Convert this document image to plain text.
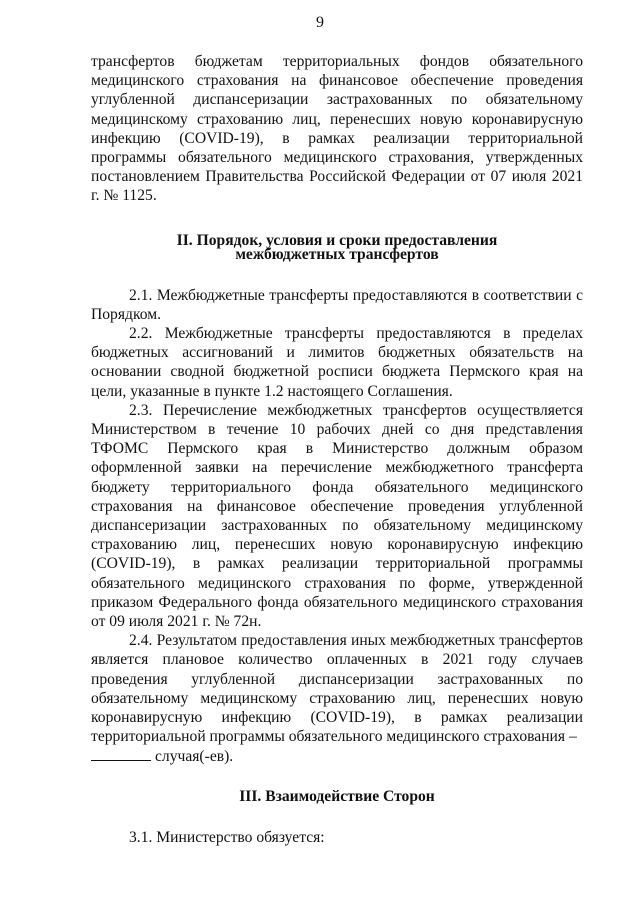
9

трансфертов бюджетам территориальных фондов обязательного медицинского страхования на финансовое обеспечение проведения углубленной диспансеризации застрахованных по обязательному медицинскому страхованию лиц, перенесших новую коронавирусную инфекцию (COVID-19), в рамках реализации территориальной программы обязательного медицинского страхования, утвержденных постановлением Правительства Российской Федерации от 07 июля 2021 г. № 1125.

II. Порядок, условия и сроки предоставления
межбюджетных трансфертов

2.1. Межбюджетные трансферты предоставляются в соответствии с Порядком.

2.2. Межбюджетные трансферты предоставляются в пределах бюджетных ассигнований и лимитов бюджетных обязательств на основании сводной бюджетной росписи бюджета Пермского края на цели, указанные в пункте 1.2 настоящего Соглашения.

2.3. Перечисление межбюджетных трансфертов осуществляется Министерством в течение 10 рабочих дней со дня представления ТФОМС Пермского края в Министерство должным образом оформленной заявки на перечисление межбюджетного трансферта бюджету территориального фонда обязательного медицинского страхования на финансовое обеспечение проведения углубленной диспансеризации застрахованных по обязательному медицинскому страхованию лиц, перенесших новую коронавирусную инфекцию (COVID-19), в рамках реализации территориальной программы обязательного медицинского страхования по форме, утвержденной приказом Федерального фонда обязательного медицинского страхования от 09 июля 2021 г. № 72н.

2.4. Результатом предоставления иных межбюджетных трансфертов является плановое количество оплаченных в 2021 году случаев проведения углубленной диспансеризации застрахованных по обязательному медицинскому страхованию лиц, перенесших новую коронавирусную инфекцию (COVID-19), в рамках реализации территориальной программы обязательного медицинского страхования –
случая(-ев).

III. Взаимодействие Сторон

3.1. Министерство обязуется:
